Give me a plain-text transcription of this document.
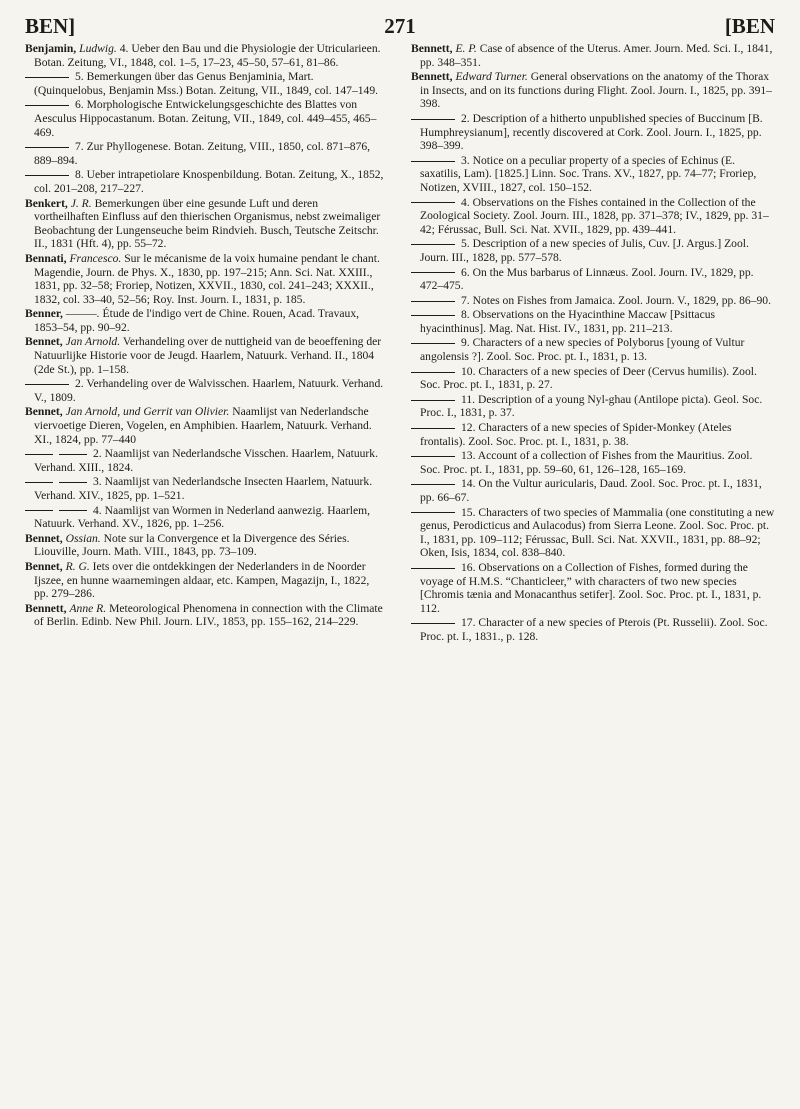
BEN]	271	[BEN

Benjamin, Ludwig. 4. Ueber den Bau und die Physiologie der Utricularieen. Botan. Zeitung, VI., 1848, col. 1–5, 17–23, 45–50, 57–61, 81–86.

5. Bemerkungen über das Genus Benjaminia, Mart. (Quinquelobus, Benjamin Mss.) Botan. Zeitung, VII., 1849, col. 147–149.

6. Morphologische Entwickelungsgeschichte des Blattes von Aesculus Hippocastanum. Botan. Zeitung, VII., 1849, col. 449–455, 465–469.

7. Zur Phyllogenese. Botan. Zeitung, VIII., 1850, col. 871–876, 889–894.

8. Ueber intrapetiolare Knospenbildung. Botan. Zeitung, X., 1852, col. 201–208, 217–227.

Benkert, J. R. Bemerkungen über eine gesunde Luft und deren vortheilhaften Einfluss auf den thierischen Organismus, nebst zweimaliger Beobachtung der Lungenseuche beim Rindvieh. Busch, Teutsche Zeitschr. II., 1831 (Hft. 4), pp. 55–72.

Bennati, Francesco. Sur le mécanisme de la voix humaine pendant le chant. Magendie, Journ. de Phys. X., 1830, pp. 197–215; Ann. Sci. Nat. XXIII., 1831, pp. 32–58; Froriep, Notizen, XXVII., 1830, col. 241–243; XXXII., 1832, col. 33–40, 52–56; Roy. Inst. Journ. I., 1831, p. 185.

Benner, ———. Étude de l'indigo vert de Chine. Rouen, Acad. Travaux, 1853–54, pp. 90–92.

Bennet, Jan Arnold. Verhandeling over de nuttigheid van de beoeffening der Natuurlijke Historie voor de Jeugd. Haarlem, Natuurk. Verhand. II., 1804 (2de St.), pp. 1–158.

2. Verhandeling over de Walvisschen. Haarlem, Natuurk. Verhand. V., 1809.

Bennet, Jan Arnold, und Gerrit van Olivier. Naamlijst van Nederlandsche viervoetige Dieren, Vogelen, en Amphibien. Haarlem, Natuurk. Verhand. XI., 1824, pp. 77–440

2. Naamlijst van Nederlandsche Visschen. Haarlem, Natuurk. Verhand. XIII., 1824.

3. Naamlijst van Nederlandsche Insecten Haarlem, Natuurk. Verhand. XIV., 1825, pp. 1–521.

4. Naamlijst van Wormen in Nederland aanwezig. Haarlem, Natuurk. Verhand. XV., 1826, pp. 1–256.

Bennet, Ossian. Note sur la Convergence et la Divergence des Séries. Liouville, Journ. Math. VIII., 1843, pp. 73–109.

Bennet, R. G. Iets over die ontdekkingen der Nederlanders in de Noorder Ijszee, en hunne waarnemingen aldaar, etc. Kampen, Magazijn, I., 1822, pp. 279–286.

Bennett, Anne R. Meteorological Phenomena in connection with the Climate of Berlin. Edinb. New Phil. Journ. LIV., 1853, pp. 155–162, 214–229.

Bennett, E. P. Case of absence of the Uterus. Amer. Journ. Med. Sci. I., 1841, pp. 348–351.

Bennett, Edward Turner. General observations on the anatomy of the Thorax in Insects, and on its functions during Flight. Zool. Journ. I., 1825, pp. 391–398.

2. Description of a hitherto unpublished species of Buccinum [B. Humphreysianum], recently discovered at Cork. Zool. Journ. I., 1825, pp. 398–399.

3. Notice on a peculiar property of a species of Echinus (E. saxatilis, Lam). [1825.] Linn. Soc. Trans. XV., 1827, pp. 74–77; Froriep, Notizen, XVIII., 1827, col. 150–152.

4. Observations on the Fishes contained in the Collection of the Zoological Society. Zool. Journ. III., 1828, pp. 371–378; IV., 1829, pp. 31–42; Férussac, Bull. Sci. Nat. XVII., 1829, pp. 439–441.

5. Description of a new species of Julis, Cuv. [J. Argus.] Zool. Journ. III., 1828, pp. 577–578.

6. On the Mus barbarus of Linnæus. Zool. Journ. IV., 1829, pp. 472–475.

7. Notes on Fishes from Jamaica. Zool. Journ. V., 1829, pp. 86–90.

8. Observations on the Hyacinthine Maccaw [Psittacus hyacinthinus]. Mag. Nat. Hist. IV., 1831, pp. 211–213.

9. Characters of a new species of Polyborus [young of Vultur angolensis ?]. Zool. Soc. Proc. pt. I., 1831, p. 13.

10. Characters of a new species of Deer (Cervus humilis). Zool. Soc. Proc. pt. I., 1831, p. 27.

11. Description of a young Nyl-ghau (Antilope picta). Geol. Soc. Proc. I., 1831, p. 37.

12. Characters of a new species of Spider-Monkey (Ateles frontalis). Zool. Soc. Proc. pt. I., 1831, p. 38.

13. Account of a collection of Fishes from the Mauritius. Zool. Soc. Proc. pt. I., 1831, pp. 59–60, 61, 126–128, 165–169.

14. On the Vultur auricularis, Daud. Zool. Soc. Proc. pt. I., 1831, pp. 66–67.

15. Characters of two species of Mammalia (one constituting a new genus, Perodicticus and Aulacodus) from Sierra Leone. Zool. Soc. Proc. pt. I., 1831, pp. 109–112; Férussac, Bull. Sci. Nat. XXVII., 1831, pp. 88–92; Oken, Isis, 1834, col. 838–840.

16. Observations on a Collection of Fishes, formed during the voyage of H.M.S. “Chanticleer,” with characters of two new species [Chromis tænia and Monacanthus setifer]. Zool. Soc. Proc. pt. I., 1831, p. 112.

17. Character of a new species of Pterois (Pt. Russelii). Zool. Soc. Proc. pt. I., 1831., p. 128.
